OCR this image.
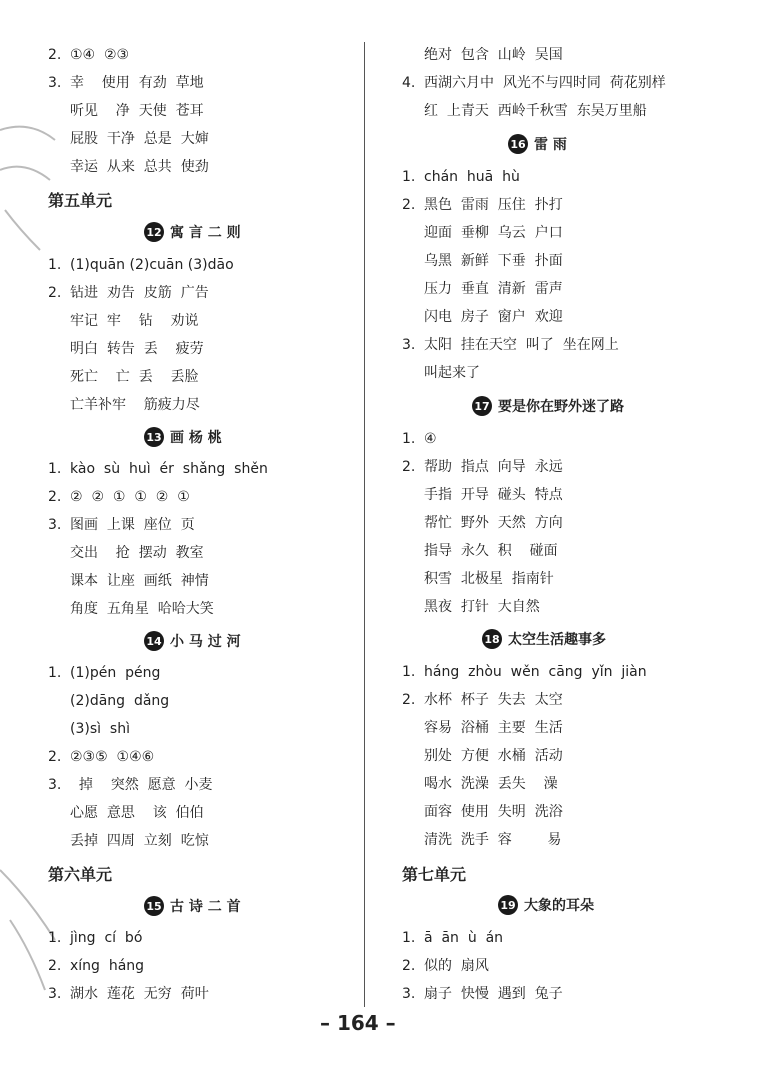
2. ①④  ②③
3. 幸    使用  有劲  草地
听见    净  天使  苍耳
屁股  干净  总是  大婶
幸运  从来  总共  使劲
第五单元
12 寓 言 二 则
1. (1)quān (2)cuān (3)dāo
2. 钻进  劝告  皮筋  广告
牢记  牢    钻    劝说
明白  转告  丢    疲劳
死亡    亡  丢    丢脸
亡羊补牢    筋疲力尽
13 画 杨 桃
1. kào  sù  huì  ér  shǎng  shěn
2. ②  ②  ①  ①  ②  ①
3. 图画  上课  座位  页
交出    抢  摆动  教室
课本  让座  画纸  神情
角度  五角星  哈哈大笑
14 小 马 过 河
1. (1)pén  péng
(2)dāng  dǎng
(3)sì  shì
2. ②③⑤  ①④⑥
3.  掉    突然  愿意  小麦
心愿  意思    该  伯伯
丢掉  四周  立刻  吃惊
第六单元
15 古 诗 二 首
1. jìng  cí  bó
2. xíng  háng
3. 湖水  莲花  无穷  荷叶
绝对  包含  山岭  吴国
4. 西湖六月中  风光不与四时同  荷花别样
红  上青天  西岭千秋雪  东吴万里船
16 雷 雨
1. chán  huā  hù
2. 黑色  雷雨  压住  扑打
迎面  垂柳  乌云  户口
乌黑  新鲜  下垂  扑面
压力  垂直  清新  雷声
闪电  房子  窗户  欢迎
3. 太阳  挂在天空  叫了  坐在网上
叫起来了
17 要是你在野外迷了路
1. ④
2. 帮助  指点  向导  永远
手指  开导  碰头  特点
帮忙  野外  天然  方向
指导  永久  积    碰面
积雪  北极星  指南针
黑夜  打针  大自然
18 太空生活趣事多
1. háng  zhòu  wěn  cāng  yǐn  jiàn
2. 水杯  杯子  失去  太空
容易  浴桶  主要  生活
别处  方便  水桶  活动
喝水  洗澡  丢失    澡
面容  使用  失明  洗浴
清洗  洗手  容        易
第七单元
19 大象的耳朵
1. ā  ān  ù  án
2. 似的  扇风
3. 扇子  快慢  遇到  兔子
– 164 –
